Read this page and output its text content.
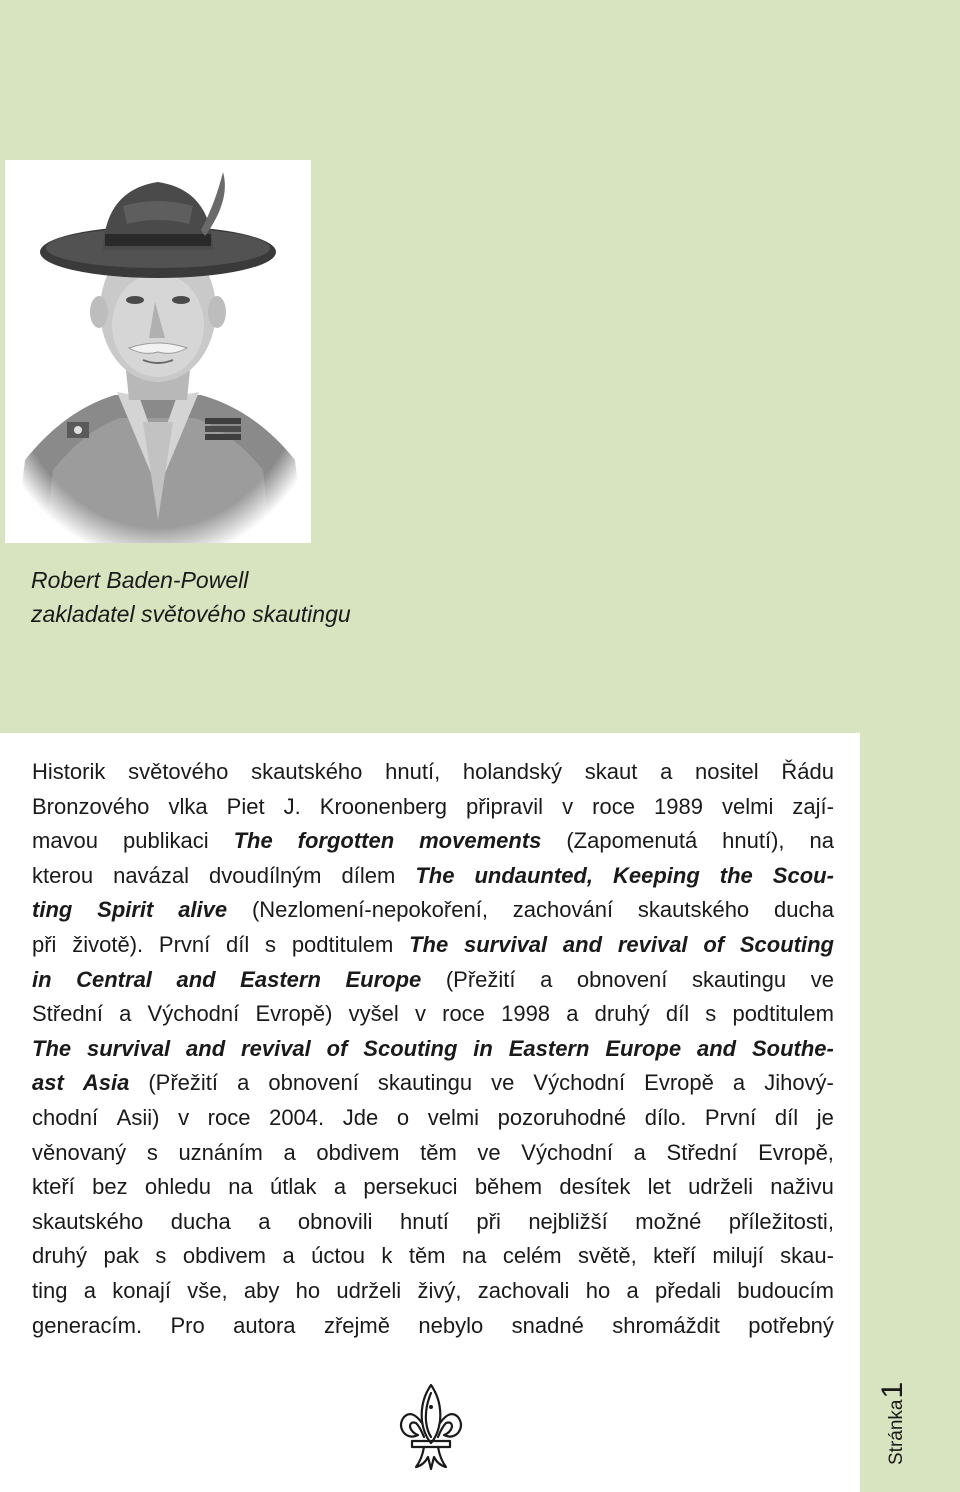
Robert Baden-Powell
zakladatel světového skautingu
Historik světového skautského hnutí, holandský skaut a nositel Řádu
Bronzového vlka Piet J. Kroonenberg připravil v roce 1989 velmi zají-
mavou publikaci The forgotten movements (Zapomenutá hnutí), na
kterou navázal dvoudílným dílem The undaunted, Keeping the Scou-
ting Spirit alive (Nezlomení-nepokoření, zachování skautského ducha
při životě). První díl s podtitulem The survival and revival of Scouting
in Central and Eastern Europe (Přežití a obnovení skautingu ve
Střední a Východní Evropě) vyšel v roce 1998 a druhý díl s podtitulem
The survival and revival of Scouting in Eastern Europe and Southe-
ast Asia (Přežití a obnovení skautingu ve Východní Evropě a Jihový-
chodní Asii) v roce 2004. Jde o velmi pozoruhodné dílo. První díl je
věnovaný s uznáním a obdivem těm ve Východní a Střední Evropě,
kteří bez ohledu na útlak a persekuci během desítek let udrželi naživu
skautského ducha a obnovili hnutí při nejbližší možné příležitosti,
druhý pak s obdivem a úctou k těm na celém světě, kteří milují skau-
ting a konají vše, aby ho udrželi živý, zachovali ho a předali budoucím
generacím. Pro autora zřejmě nebylo snadné shromáždit potřebný
Stránka
1
